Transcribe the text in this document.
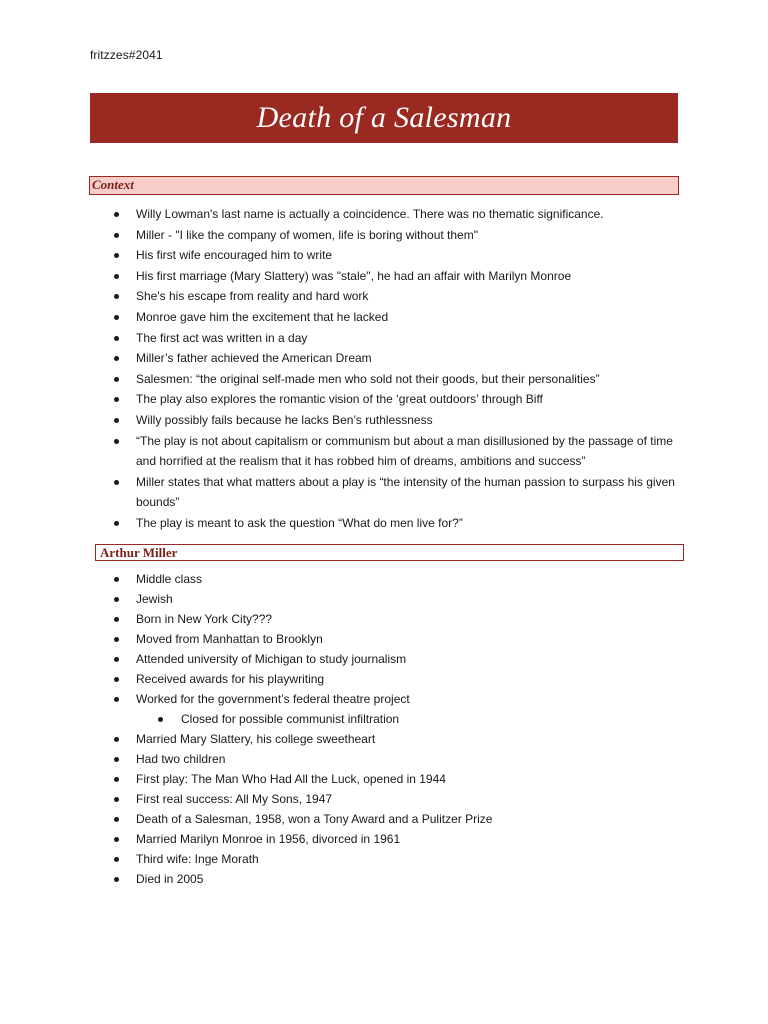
fritzzes#2041
Death of a Salesman
Context
Willy Lowman's last name is actually a coincidence. There was no thematic significance.
Miller - "I like the company of women, life is boring without them"
His first wife encouraged him to write
His first marriage (Mary Slattery) was "stale", he had an affair with Marilyn Monroe
She's his escape from reality and hard work
Monroe gave him the excitement that he lacked
The first act was written in a day
Miller’s father achieved the American Dream
Salesmen: “the original self-made men who sold not their goods, but their personalities”
The play also explores the romantic vision of the ‘great outdoors’ through Biff
Willy possibly fails because he lacks Ben’s ruthlessness
“The play is not about capitalism or communism but about a man disillusioned by the passage of time and horrified at the realism that it has robbed him of dreams, ambitions and success”
Miller states that what matters about a play is “the intensity of the human passion to surpass his given bounds”
The play is meant to ask the question “What do men live for?”
Arthur Miller
Middle class
Jewish
Born in New York City???
Moved from Manhattan to Brooklyn
Attended university of Michigan to study journalism
Received awards for his playwriting
Worked for the government’s federal theatre project
Closed for possible communist infiltration
Married Mary Slattery, his college sweetheart
Had two children
First play: The Man Who Had All the Luck, opened in 1944
First real success: All My Sons, 1947
Death of a Salesman, 1958, won a Tony Award and a Pulitzer Prize
Married Marilyn Monroe in 1956, divorced in 1961
Third wife: Inge Morath
Died in 2005
